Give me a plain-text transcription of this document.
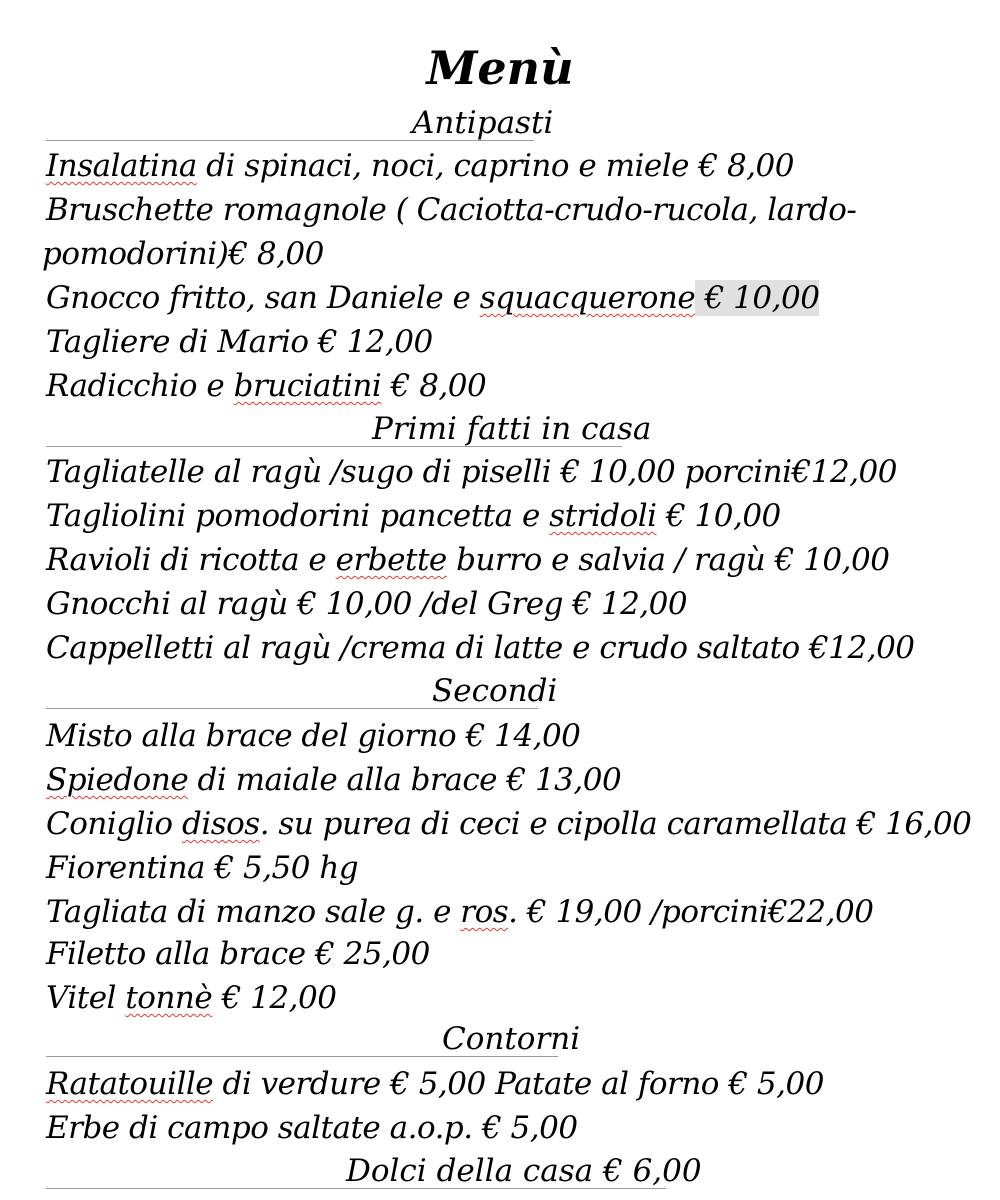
Menù
Antipasti
Insalatina di spinaci, noci, caprino e miele € 8,00
Bruschette romagnole ( Caciotta-crudo-rucola, lardo-
pomodorini)€ 8,00
Gnocco fritto, san Daniele e squacquerone € 10,00
Tagliere di Mario € 12,00
Radicchio e bruciatini € 8,00
Primi fatti in casa
Tagliatelle al ragù /sugo di piselli € 10,00 porcini€12,00
Tagliolini pomodorini pancetta e stridoli € 10,00
Ravioli di ricotta e erbette burro e salvia / ragù € 10,00
Gnocchi al ragù € 10,00 /del Greg € 12,00
Cappelletti al ragù /crema di latte e crudo saltato €12,00
Secondi
Misto alla brace del giorno € 14,00
Spiedone di maiale alla brace € 13,00
Coniglio disos. su purea di ceci e cipolla caramellata € 16,00
Fiorentina € 5,50 hg
Tagliata di manzo sale g. e ros. € 19,00 /porcini€22,00
Filetto alla brace € 25,00
Vitel tonnè € 12,00
Contorni
Ratatouille di verdure € 5,00 Patate al forno € 5,00
Erbe di campo saltate a.o.p. € 5,00
Dolci della casa € 6,00
